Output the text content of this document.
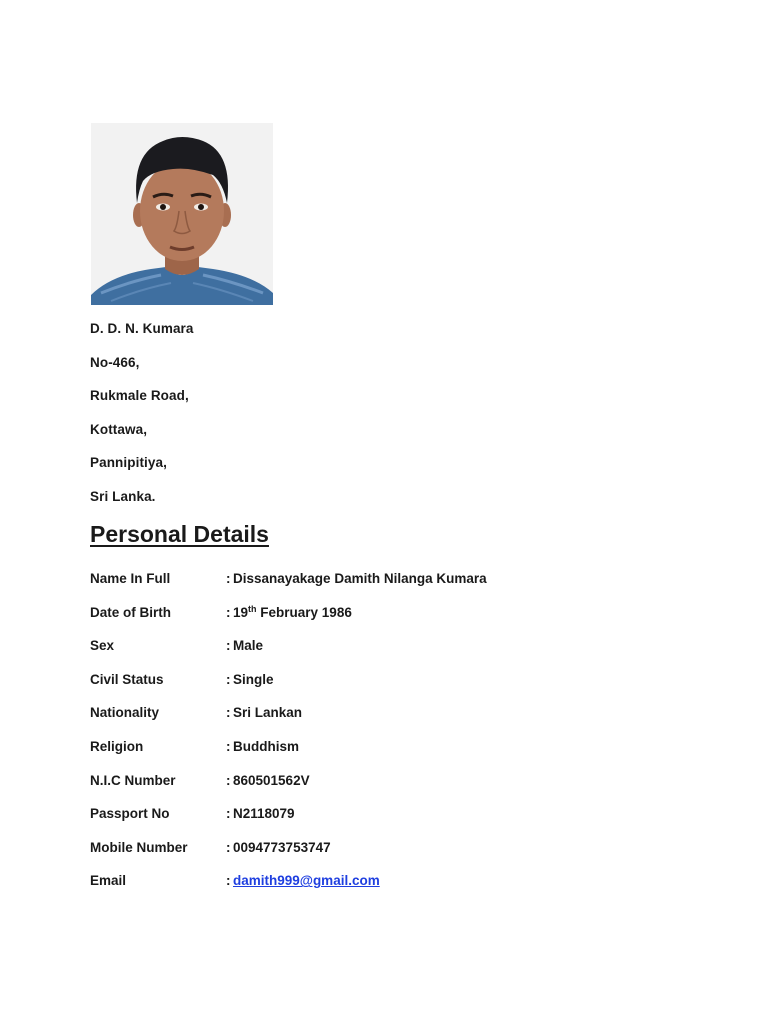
D. D. N. Kumara
No-466,
Rukmale Road,
Kottawa,
Pannipitiya,
Sri Lanka.
Personal Details
Name In Full	: Dissanayakage Damith Nilanga Kumara
Date of Birth	: 19th February 1986
Sex	: Male
Civil Status	: Single
Nationality	: Sri Lankan
Religion	: Buddhism
N.I.C Number	: 860501562V
Passport No	: N2118079
Mobile Number	: 0094773753747
Email	: damith999@gmail.com
